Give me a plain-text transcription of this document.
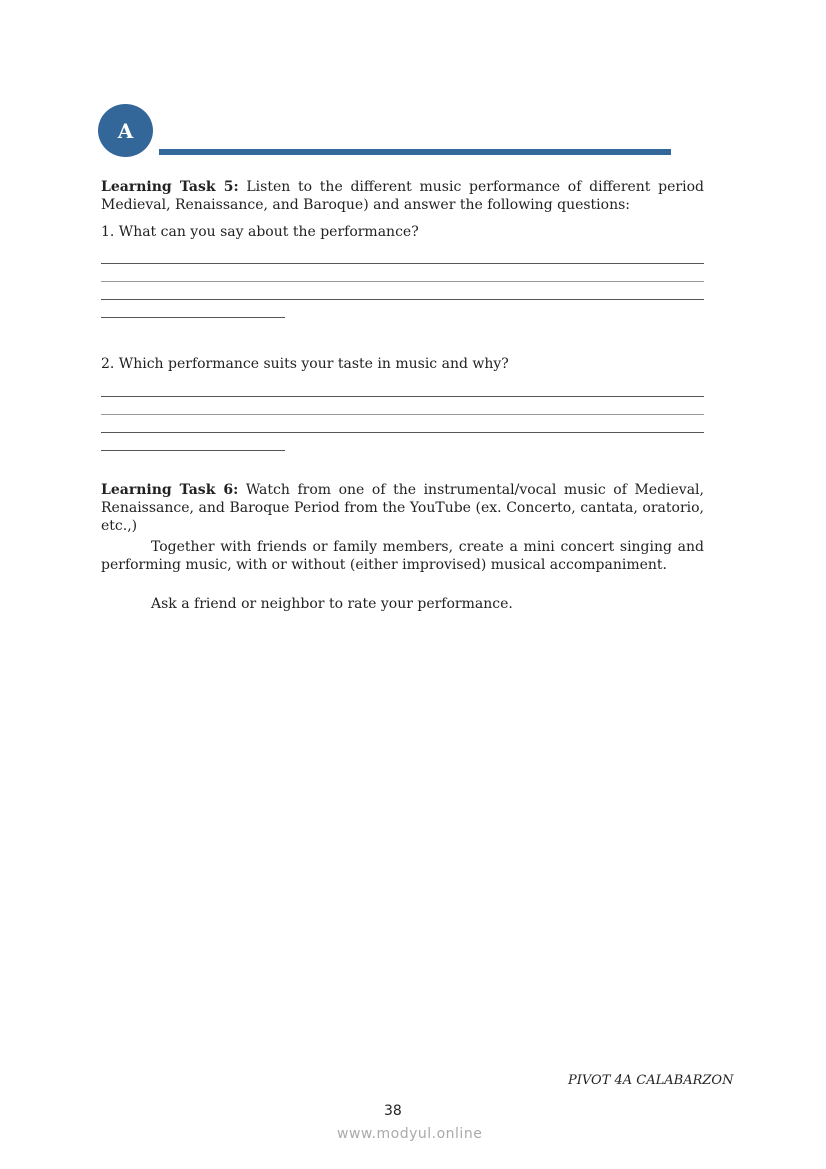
A
Learning Task 5: Listen to the different music performance of different period Medieval, Renaissance, and Baroque) and answer the following questions:
1. What can you say about the performance?
2. Which performance suits your taste in music and why?
Learning Task 6: Watch from one of the instrumental/vocal music of Medieval, Renaissance, and Baroque Period from the YouTube (ex. Concerto, cantata, oratorio, etc.,)
Together with friends or family members, create a mini concert singing and performing music, with or without (either improvised) musical accompaniment.
Ask a friend or neighbor to rate your performance.
PIVOT 4A CALABARZON
38
www.modyul.online
